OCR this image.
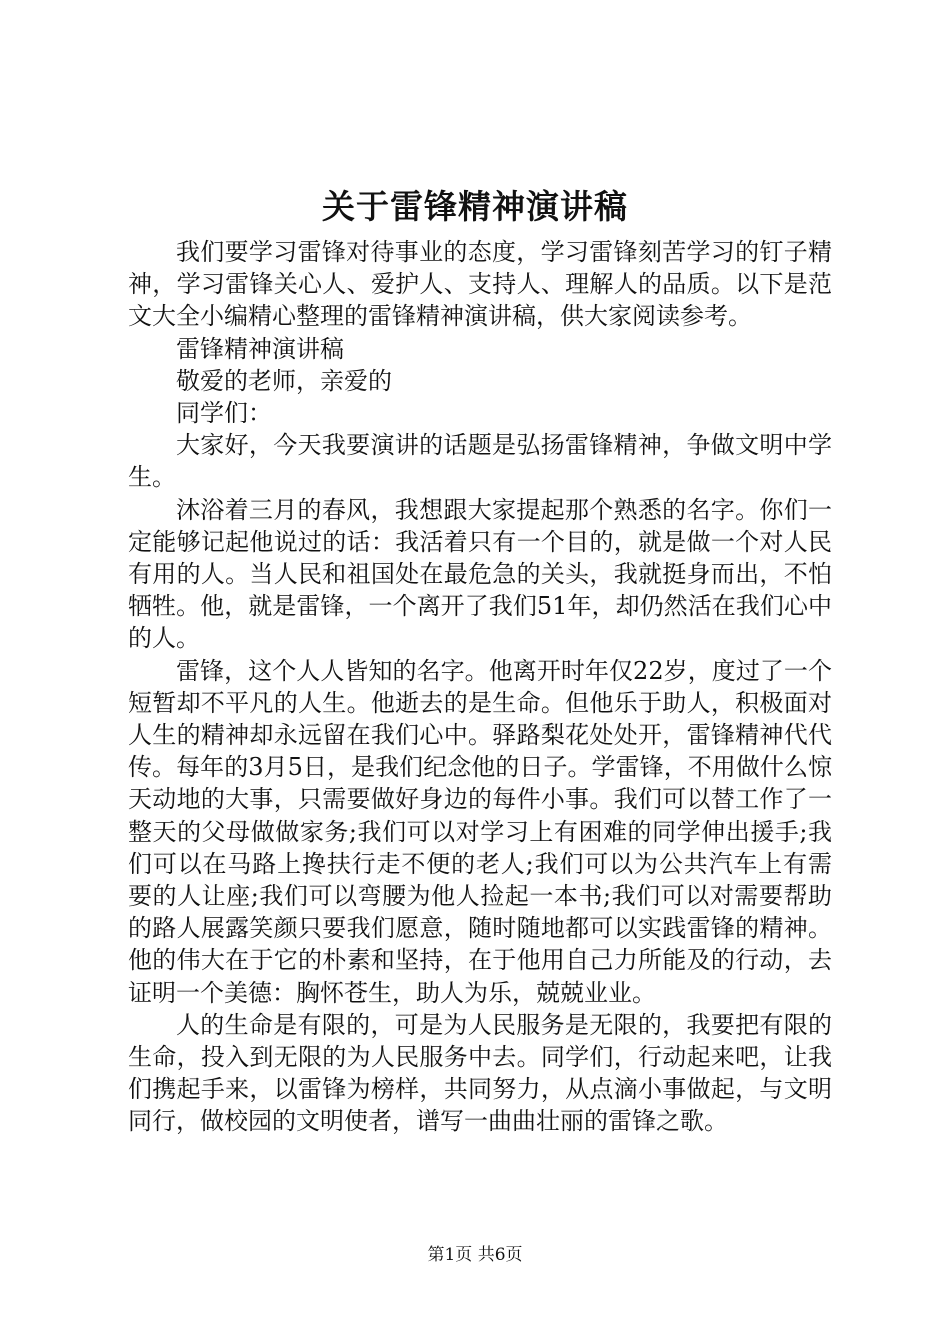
关于雷锋精神演讲稿

我们要学习雷锋对待事业的态度，学习雷锋刻苦学习的钉子精神，学习雷锋关心人、爱护人、支持人、理解人的品质。以下是范文大全小编精心整理的雷锋精神演讲稿，供大家阅读参考。

雷锋精神演讲稿

敬爱的老师，亲爱的

同学们：

大家好，今天我要演讲的话题是弘扬雷锋精神，争做文明中学生。

沐浴着三月的春风，我想跟大家提起那个熟悉的名字。你们一定能够记起他说过的话：我活着只有一个目的，就是做一个对人民有用的人。当人民和祖国处在最危急的关头，我就挺身而出，不怕牺牲。他，就是雷锋，一个离开了我们51年，却仍然活在我们心中的人。

雷锋，这个人人皆知的名字。他离开时年仅22岁，度过了一个短暂却不平凡的人生。他逝去的是生命。但他乐于助人，积极面对人生的精神却永远留在我们心中。驿路梨花处处开，雷锋精神代代传。每年的3月5日，是我们纪念他的日子。学雷锋，不用做什么惊天动地的大事，只需要做好身边的每件小事。我们可以替工作了一整天的父母做做家务;我们可以对学习上有困难的同学伸出援手;我们可以在马路上搀扶行走不便的老人;我们可以为公共汽车上有需要的人让座;我们可以弯腰为他人捡起一本书;我们可以对需要帮助的路人展露笑颜只要我们愿意，随时随地都可以实践雷锋的精神。他的伟大在于它的朴素和坚持，在于他用自己力所能及的行动，去证明一个美德：胸怀苍生，助人为乐，兢兢业业。

人的生命是有限的，可是为人民服务是无限的，我要把有限的生命，投入到无限的为人民服务中去。同学们，行动起来吧，让我们携起手来，以雷锋为榜样，共同努力，从点滴小事做起，与文明同行，做校园的文明使者，谱写一曲曲壮丽的雷锋之歌。

第1页 共6页
